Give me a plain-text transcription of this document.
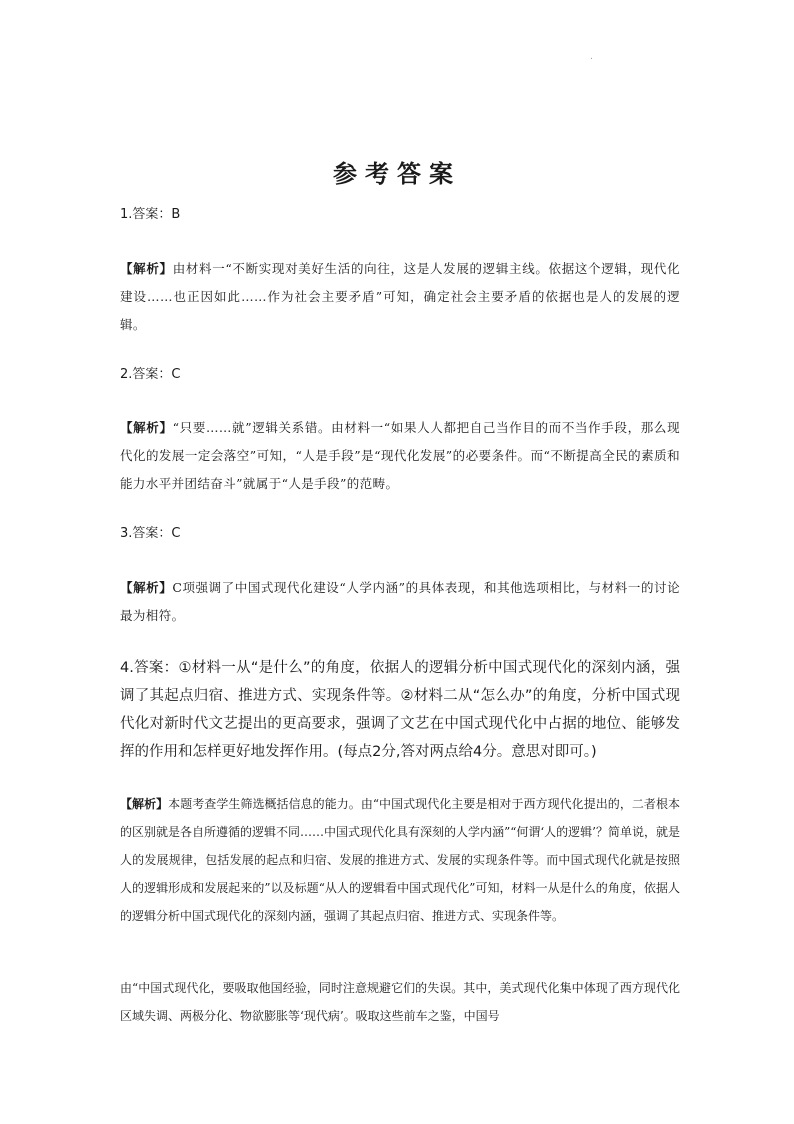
.
参考答案
1.答案：B
【解析】由材料一“不断实现对美好生活的向往，这是人发展的逻辑主线。依据这个逻辑，现代化建设……也正因如此……作为社会主要矛盾”可知，确定社会主要矛盾的依据也是人的发展的逻辑。
2.答案：C
【解析】“只要……就”逻辑关系错。由材料一“如果人人都把自己当作目的而不当作手段，那么现代化的发展一定会落空”可知，“人是手段”是“现代化发展”的必要条件。而“不断提高全民的素质和能力水平并团结奋斗”就属于“人是手段”的范畴。
3.答案：C
【解析】C项强调了中国式现代化建设“人学内涵”的具体表现，和其他选项相比，与材料一的讨论最为相符。
4.答案：①材料一从“是什么”的角度，依据人的逻辑分析中国式现代化的深刻内涵，强调了其起点归宿、推进方式、实现条件等。②材料二从“怎么办”的角度，分析中国式现代化对新时代文艺提出的更高要求，强调了文艺在中国式现代化中占据的地位、能够发挥的作用和怎样更好地发挥作用。(每点2分,答对两点给4分。意思对即可。)
【解析】本题考查学生筛选概括信息的能力。由“中国式现代化主要是相对于西方现代化提出的，二者根本的区别就是各自所遵循的逻辑不同……中国式现代化具有深刻的人学内涵”“何谓‘人的逻辑’？简单说，就是人的发展规律，包括发展的起点和归宿、发展的推进方式、发展的实现条件等。而中国式现代化就是按照人的逻辑形成和发展起来的”以及标题“从人的逻辑看中国式现代化”可知，材料一从是什么的角度，依据人的逻辑分析中国式现代化的深刻内涵，强调了其起点归宿、推进方式、实现条件等。
由“中国式现代化，要吸取他国经验，同时注意规避它们的失误。其中，美式现代化集中体现了西方现代化区域失调、两极分化、物欲膨胀等‘现代病’。吸取这些前车之鉴，中国号
